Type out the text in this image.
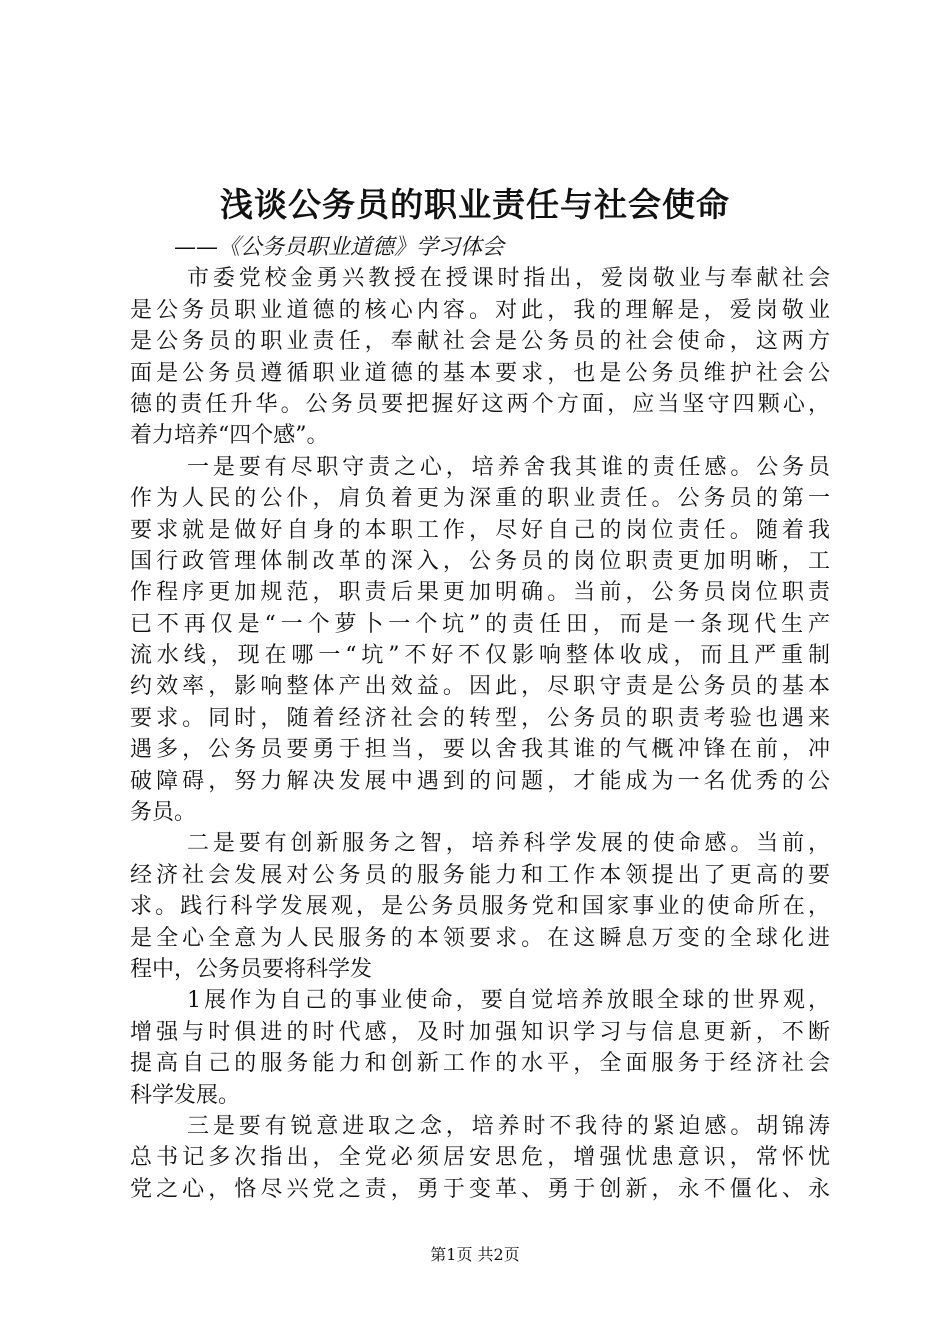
浅谈公务员的职业责任与社会使命
——《公务员职业道德》学习体会
市委党校金勇兴教授在授课时指出，爱岗敬业与奉献社会
是公务员职业道德的核心内容。对此，我的理解是，爱岗敬业
是公务员的职业责任，奉献社会是公务员的社会使命，这两方
面是公务员遵循职业道德的基本要求，也是公务员维护社会公
德的责任升华。公务员要把握好这两个方面，应当坚守四颗心，
着力培养“四个感”。
一是要有尽职守责之心，培养舍我其谁的责任感。公务员
作为人民的公仆，肩负着更为深重的职业责任。公务员的第一
要求就是做好自身的本职工作，尽好自己的岗位责任。随着我
国行政管理体制改革的深入，公务员的岗位职责更加明晰，工
作程序更加规范，职责后果更加明确。当前，公务员岗位职责
已不再仅是“一个萝卜一个坑”的责任田，而是一条现代生产
流水线，现在哪一“坑”不好不仅影响整体收成，而且严重制
约效率，影响整体产出效益。因此，尽职守责是公务员的基本
要求。同时，随着经济社会的转型，公务员的职责考验也遇来
遇多，公务员要勇于担当，要以舍我其谁的气概冲锋在前，冲
破障碍，努力解决发展中遇到的问题，才能成为一名优秀的公
务员。
二是要有创新服务之智，培养科学发展的使命感。当前，
经济社会发展对公务员的服务能力和工作本领提出了更高的要
求。践行科学发展观，是公务员服务党和国家事业的使命所在，
是全心全意为人民服务的本领要求。在这瞬息万变的全球化进
程中，公务员要将科学发
1展作为自己的事业使命，要自觉培养放眼全球的世界观，
增强与时俱进的时代感，及时加强知识学习与信息更新，不断
提高自己的服务能力和创新工作的水平，全面服务于经济社会
科学发展。
三是要有锐意进取之念，培养时不我待的紧迫感。胡锦涛
总书记多次指出，全党必须居安思危，增强忧患意识，常怀忧
党之心，恪尽兴党之责，勇于变革、勇于创新，永不僵化、永
第1页 共2页
